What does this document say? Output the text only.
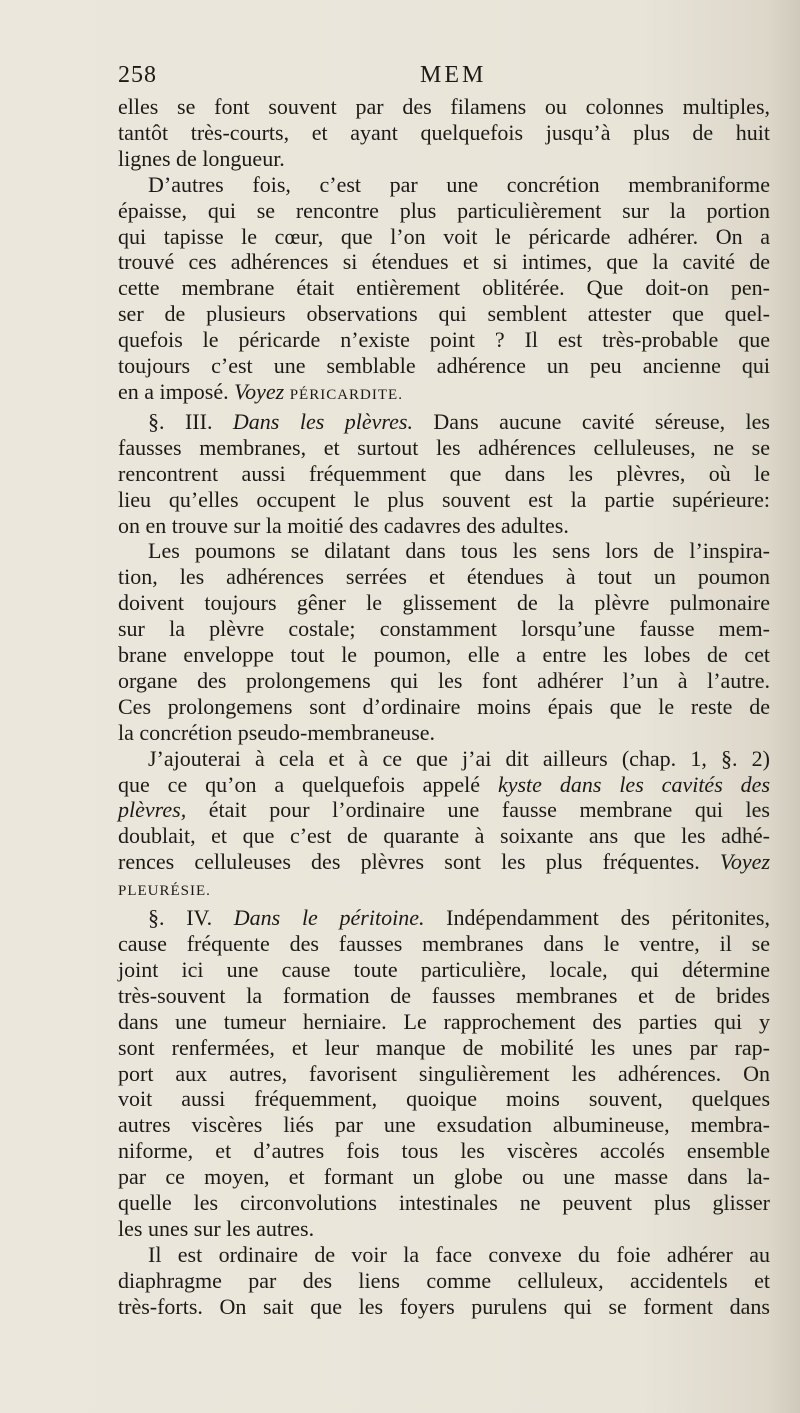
258	MEM
elles se font souvent par des filamens ou colonnes multiples,
tantôt très-courts, et ayant quelquefois jusqu’à plus de huit
lignes de longueur.
D’autres fois, c’est par une concrétion membraniforme
épaisse, qui se rencontre plus particulièrement sur la portion
qui tapisse le cœur, que l’on voit le péricarde adhérer. On a
trouvé ces adhérences si étendues et si intimes, que la cavité de
cette membrane était entièrement oblitérée. Que doit-on pen-
ser de plusieurs observations qui semblent attester que quel-
quefois le péricarde n’existe point ? Il est très-probable que
toujours c’est une semblable adhérence un peu ancienne qui
en a imposé. Voyez PÉRICARDITE.
§. III. Dans les plèvres. Dans aucune cavité séreuse, les
fausses membranes, et surtout les adhérences celluleuses, ne se
rencontrent aussi fréquemment que dans les plèvres, où le
lieu qu’elles occupent le plus souvent est la partie supérieure:
on en trouve sur la moitié des cadavres des adultes.
Les poumons se dilatant dans tous les sens lors de l’inspira-
tion, les adhérences serrées et étendues à tout un poumon
doivent toujours gêner le glissement de la plèvre pulmonaire
sur la plèvre costale; constamment lorsqu’une fausse mem-
brane enveloppe tout le poumon, elle a entre les lobes de cet
organe des prolongemens qui les font adhérer l’un à l’autre.
Ces prolongemens sont d’ordinaire moins épais que le reste de
la concrétion pseudo-membraneuse.
J’ajouterai à cela et à ce que j’ai dit ailleurs (chap. 1, §. 2)
que ce qu’on a quelquefois appelé kyste dans les cavités des
plèvres, était pour l’ordinaire une fausse membrane qui les
doublait, et que c’est de quarante à soixante ans que les adhé-
rences celluleuses des plèvres sont les plus fréquentes. Voyez
PLEURÉSIE.
§. IV. Dans le péritoine. Indépendamment des péritonites,
cause fréquente des fausses membranes dans le ventre, il se
joint ici une cause toute particulière, locale, qui détermine
très-souvent la formation de fausses membranes et de brides
dans une tumeur herniaire. Le rapprochement des parties qui y
sont renfermées, et leur manque de mobilité les unes par rap-
port aux autres, favorisent singulièrement les adhérences. On
voit aussi fréquemment, quoique moins souvent, quelques
autres viscères liés par une exsudation albumineuse, membra-
niforme, et d’autres fois tous les viscères accolés ensemble
par ce moyen, et formant un globe ou une masse dans la-
quelle les circonvolutions intestinales ne peuvent plus glisser
les unes sur les autres.
Il est ordinaire de voir la face convexe du foie adhérer au
diaphragme par des liens comme celluleux, accidentels et
très-forts. On sait que les foyers purulens qui se forment dans
